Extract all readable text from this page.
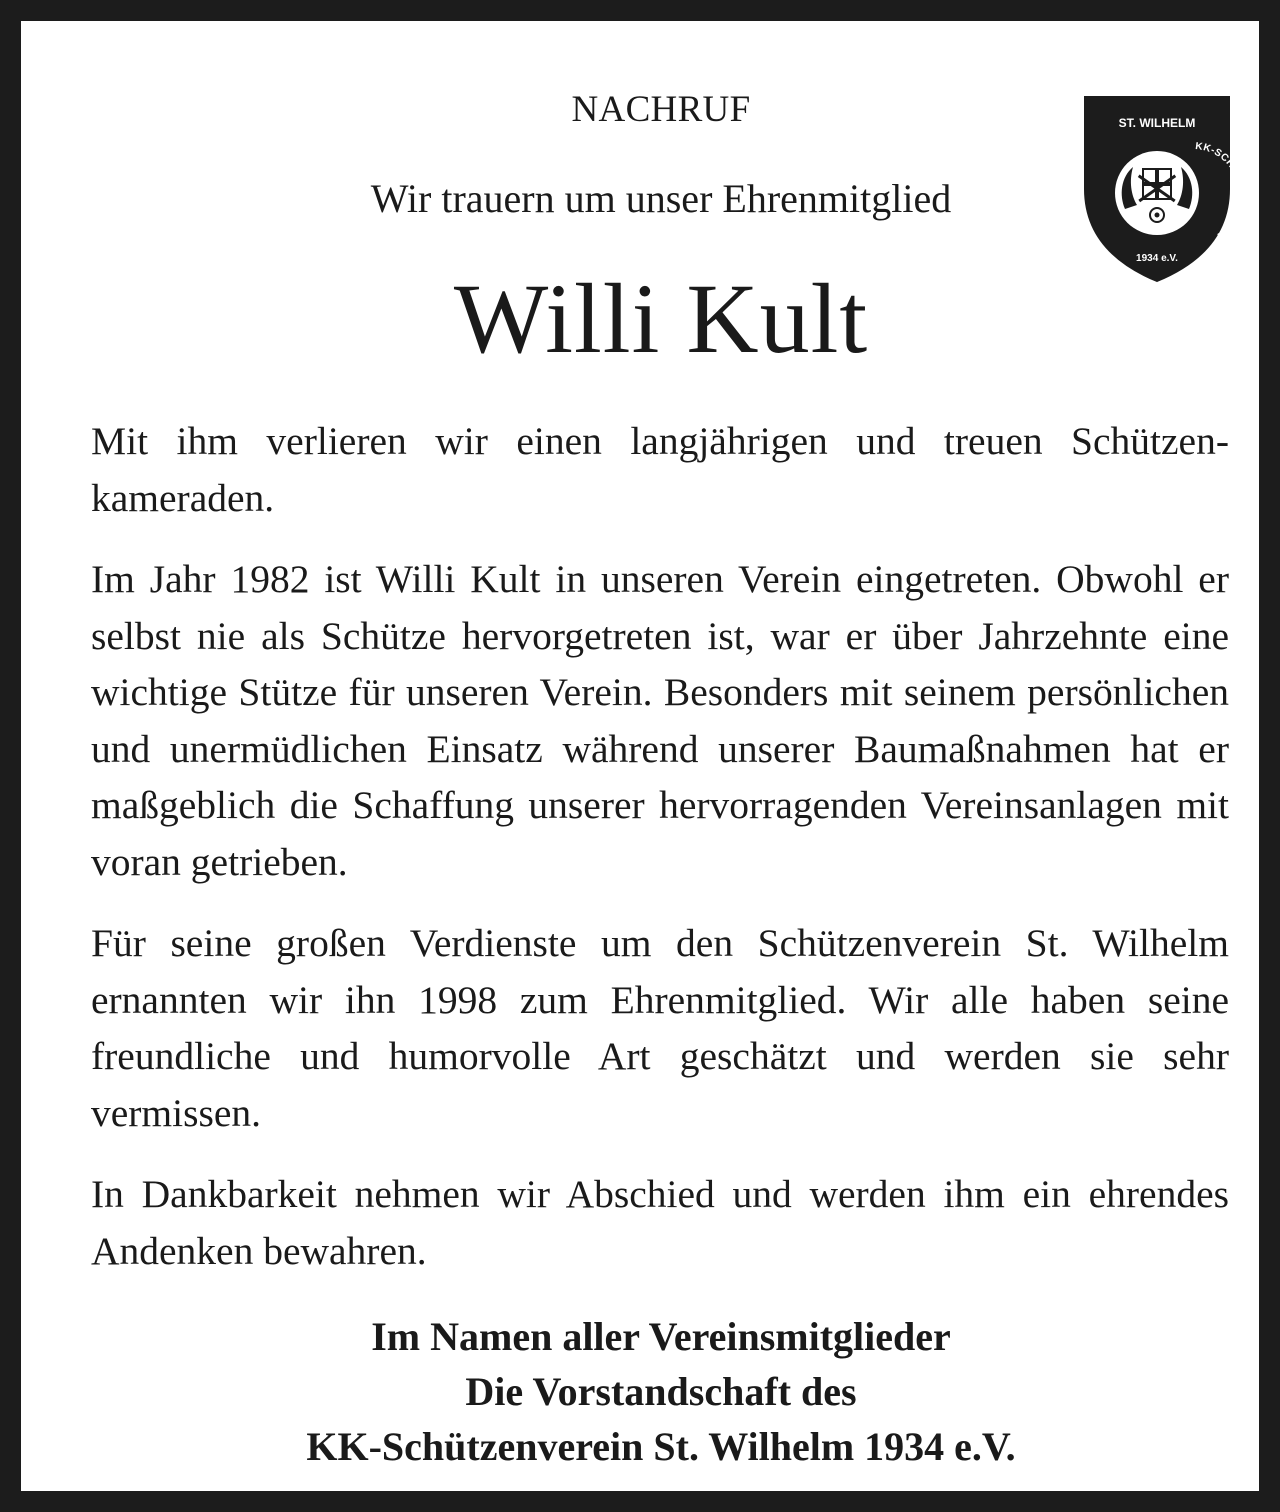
NACHRUF
Wir trauern um unser Ehrenmitglied
Willi Kult
ST. WILHELM
KK-SC EIN
1934 e.V.

Mit ihm verlieren wir einen langjährigen und treuen Schützen-kameraden.

Im Jahr 1982 ist Willi Kult in unseren Verein eingetreten. Obwohl er selbst nie als Schütze hervorgetreten ist, war er über Jahrzehnte eine wichtige Stütze für unseren Verein. Besonders mit seinem persönlichen und unermüdlichen Einsatz während unserer Baumaßnahmen hat er maßgeblich die Schaffung unserer hervorragenden Vereinsanlagen mit voran getrieben.

Für seine großen Verdienste um den Schützenverein St. Wilhelm ernannten wir ihn 1998 zum Ehrenmitglied. Wir alle haben seine freundliche und humorvolle Art geschätzt und werden sie sehr vermissen.

In Dankbarkeit nehmen wir Abschied und werden ihm ein ehrendes Andenken bewahren.

Im Namen aller Vereinsmitglieder
Die Vorstandschaft des
KK-Schützenverein St. Wilhelm 1934 e.V.
